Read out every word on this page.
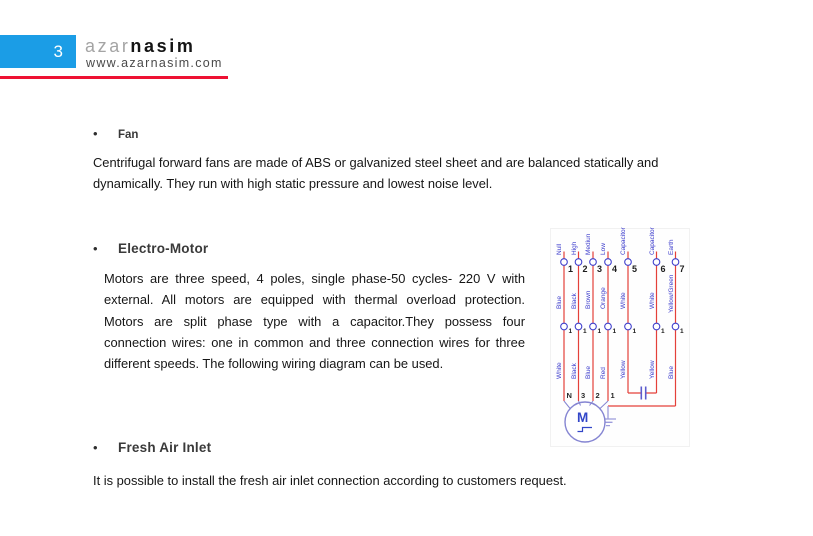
3 azarnasim
www.azarnasim.com
•	Fan
Centrifugal forward fans are made of ABS or galvanized steel sheet and are balanced statically and dynamically. They run with high static pressure and lowest noise level.
•	Electro-Motor
Motors are three speed, 4 poles, single phase-50 cycles- 220 V with external. All motors are equipped with thermal overload protection. Motors are split phase type with a capacitor.They possess four connection wires: one in common and three connection wires for three different speeds. The following wiring diagram can be used.
Null High Mediun Low Capacitor	Capacitor Earth
1 2 3 4 5	6 7
Blue Black Brown Orange White	White Yellow/Green
1 1 1 1	1	1 1
White Black Blue Red Yellow	Yellow Blue
N 3 2 1
M
•	Fresh Air Inlet
It is possible to install the fresh air inlet connection according to customers request.
